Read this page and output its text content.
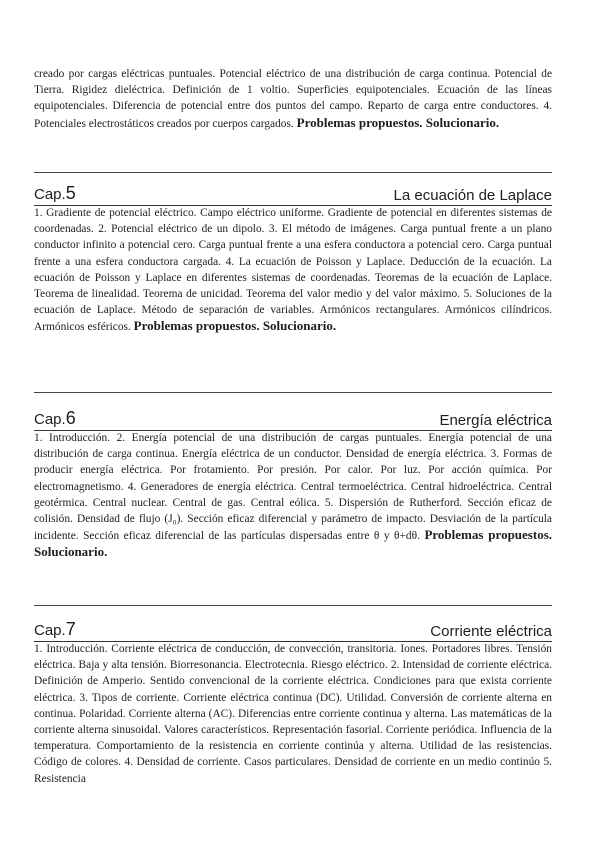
creado por cargas eléctricas puntuales. Potencial eléctrico de una distribución de carga continua. Potencial de Tierra. Rigidez dieléctrica. Definición de 1 voltio. Superficies equipotenciales. Ecuación de las líneas equipotenciales. Diferencia de potencial entre dos puntos del campo. Reparto de carga entre conductores. 4. Potenciales electrostáticos creados por cuerpos cargados. Problemas propuestos. Solucionario.

Cap.5	La ecuación de Laplace

1. Gradiente de potencial eléctrico. Campo eléctrico uniforme. Gradiente de potencial en diferentes sistemas de coordenadas. 2. Potencial eléctrico de un dipolo. 3. El método de imágenes. Carga puntual frente a un plano conductor infinito a potencial cero. Carga puntual frente a una esfera conductora a potencial cero. Carga puntual frente a una esfera conductora cargada. 4. La ecuación de Poisson y Laplace. Deducción de la ecuación. La ecuación de Poisson y Laplace en diferentes sistemas de coordenadas. Teoremas de la ecuación de Laplace. Teorema de linealidad. Teorema de unicidad. Teorema del valor medio y del valor máximo. 5. Soluciones de la ecuación de Laplace. Método de separación de variables. Armónicos rectangulares. Armónicos cilíndricos. Armónicos esféricos. Problemas propuestos. Solucionario.

Cap.6	Energía eléctrica

1. Introducción. 2. Energía potencial de una distribución de cargas puntuales. Energía potencial de una distribución de carga continua. Energía eléctrica de un conductor. Densidad de energía eléctrica. 3. Formas de producir energía eléctrica. Por frotamiento. Por presión. Por calor. Por luz. Por acción química. Por electromagnetismo. 4. Generadores de energía eléctrica. Central termoeléctrica. Central hidroeléctrica. Central geotérmica. Central nuclear. Central de gas. Central eólica. 5. Dispersión de Rutherford. Sección eficaz de colisión. Densidad de flujo (J₀). Sección eficaz diferencial y parámetro de impacto. Desviación de la partícula incidente. Sección eficaz diferencial de las partículas dispersadas entre θ y θ+dθ. Problemas propuestos. Solucionario.

Cap.7	Corriente eléctrica

1. Introducción. Corriente eléctrica de conducción, de convección, transitoria. Iones. Portadores libres. Tensión eléctrica. Baja y alta tensión. Biorresonancia. Electrotecnia. Riesgo eléctrico. 2. Intensidad de corriente eléctrica. Definición de Amperio. Sentido convencional de la corriente eléctrica. Condiciones para que exista corriente eléctrica. 3. Tipos de corriente. Corriente eléctrica continua (DC). Utilidad. Conversión de corriente alterna en continua. Polaridad. Corriente alterna (AC). Diferencias entre corriente continua y alterna. Las matemáticas de la corriente alterna sinusoidal. Valores característicos. Representación fasorial. Corriente periódica. Influencia de la temperatura. Comportamiento de la resistencia en corriente continúa y alterna. Utilidad de las resistencias. Código de colores. 4. Densidad de corriente. Casos particulares. Densidad de corriente en un medio continúo 5. Resistencia
